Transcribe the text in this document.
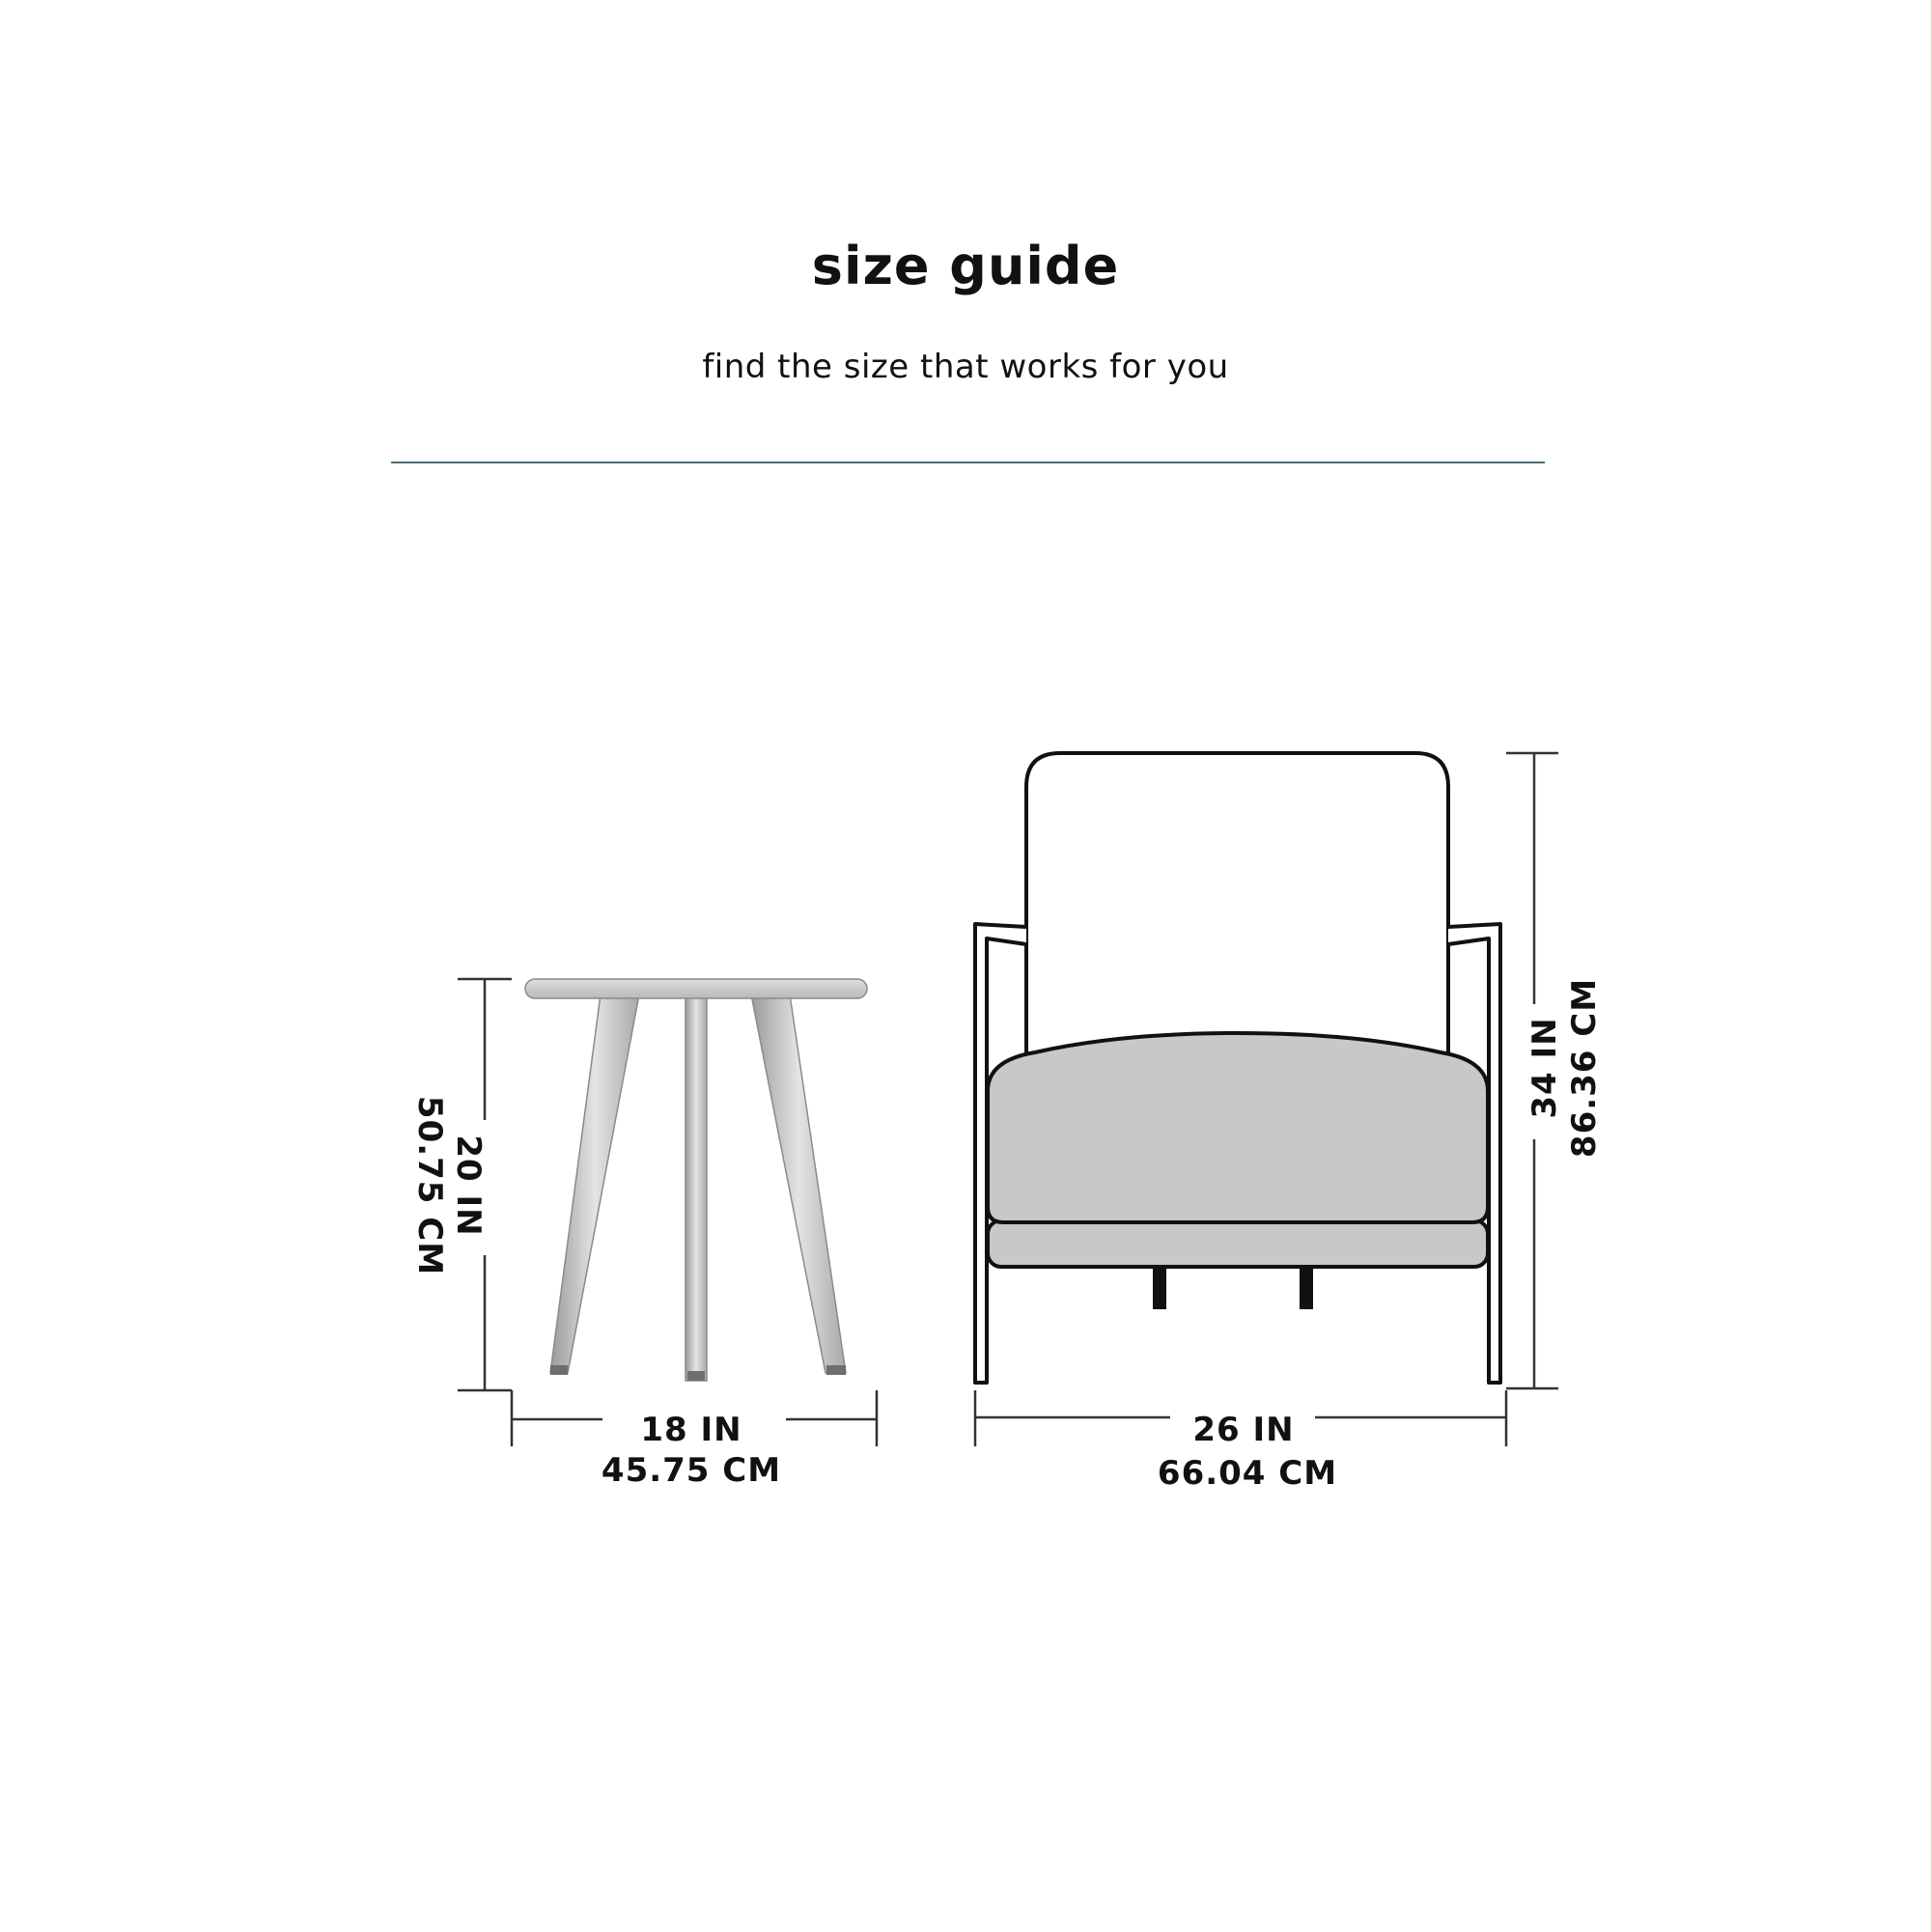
size guide
find the size that works for you
20 IN
50.75 CM
18 IN
45.75 CM
34 IN 86.36 CM
26 IN
66.04 CM
